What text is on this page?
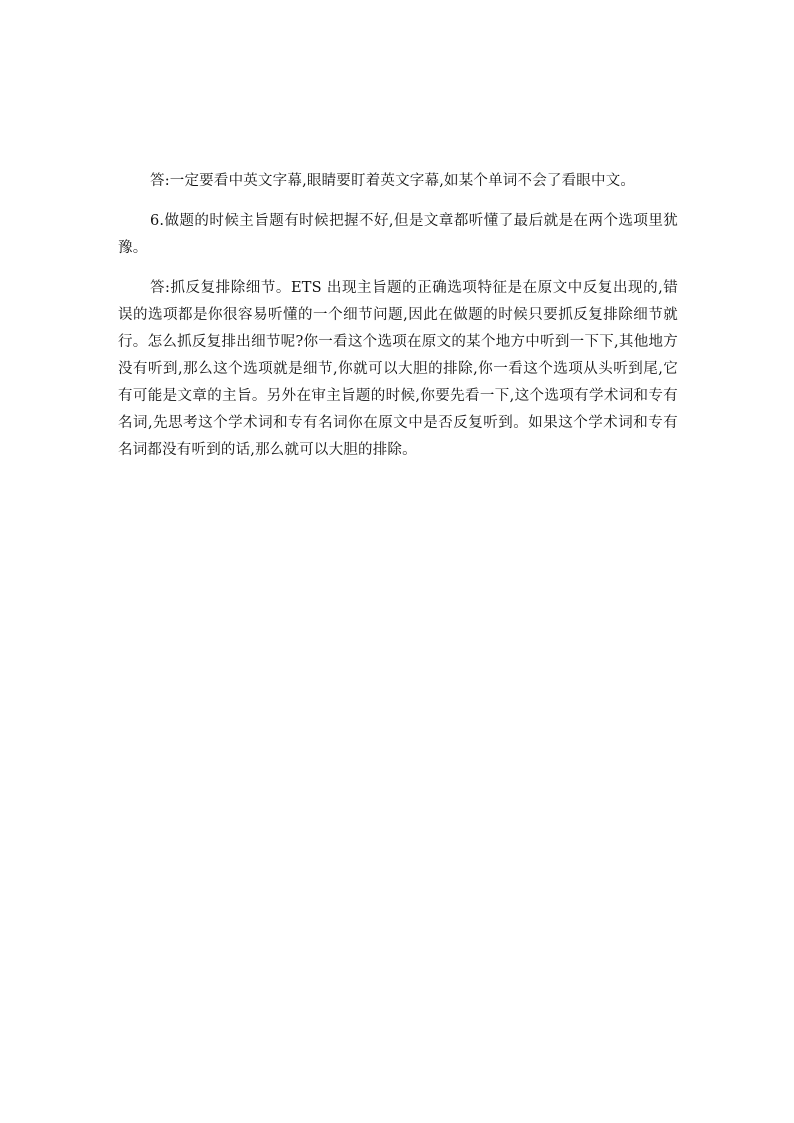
答:一定要看中英文字幕,眼睛要盯着英文字幕,如某个单词不会了看眼中文。

6.做题的时候主旨题有时候把握不好,但是文章都听懂了最后就是在两个选项里犹豫。

答:抓反复排除细节。ETS 出现主旨题的正确选项特征是在原文中反复出现的,错误的选项都是你很容易听懂的一个细节问题,因此在做题的时候只要抓反复排除细节就行。怎么抓反复排出细节呢?你一看这个选项在原文的某个地方中听到一下下,其他地方没有听到,那么这个选项就是细节,你就可以大胆的排除,你一看这个选项从头听到尾,它有可能是文章的主旨。另外在审主旨题的时候,你要先看一下,这个选项有学术词和专有名词,先思考这个学术词和专有名词你在原文中是否反复听到。如果这个学术词和专有名词都没有听到的话,那么就可以大胆的排除。
